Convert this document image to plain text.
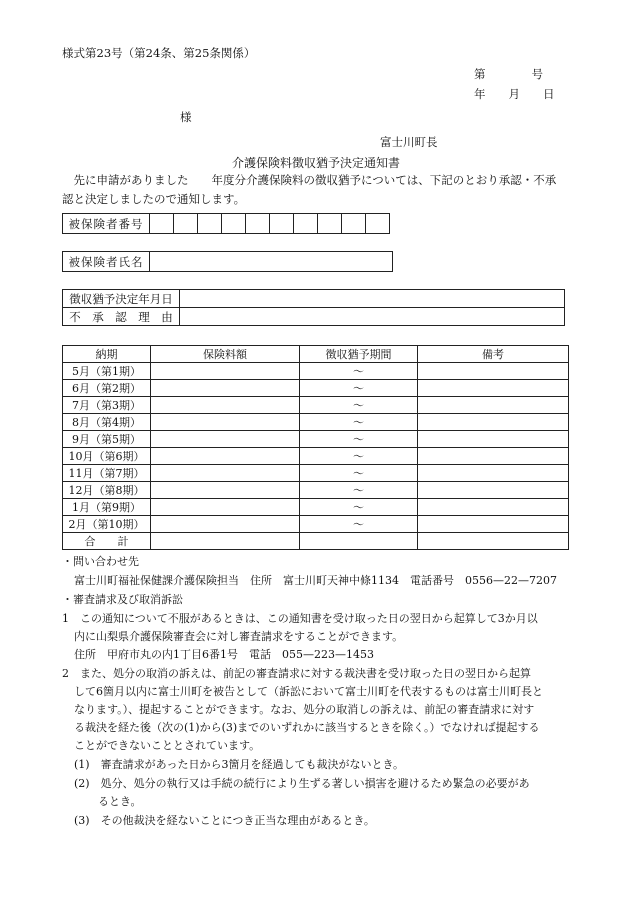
様式第23号（第24条、第25条関係）
第　　　　号
年　　月　　日
様
富士川町長
介護保険料徴収猶予決定通知書
　先に申請がありました　　年度分介護保険料の徴収猶予については、下記のとおり承認・不承
認と決定しましたので通知します。
被保険者番号										
被保険者氏名	
徴収猶予決定年月日	
不　承　認　理　由	
納期	保険料額	徴収猶予期間	備考
5月（第1期）		～	
6月（第2期）		～	
7月（第3期）		～	
8月（第4期）		～	
9月（第5期）		～	
10月（第6期）		～	
11月（第7期）		～	
12月（第8期）		～	
1月（第9期）		～	
2月（第10期）		～	
合　　計			
・問い合わせ先
富士川町福祉保健課介護保険担当　住所　富士川町天神中條1134　電話番号　0556—22—7207
・審査請求及び取消訴訟
1　この通知について不服があるときは、この通知書を受け取った日の翌日から起算して3か月以
内に山梨県介護保険審査会に対し審査請求をすることができます。
住所　甲府市丸の内1丁目6番1号　電話　055—223—1453
2　また、処分の取消の訴えは、前記の審査請求に対する裁決書を受け取った日の翌日から起算
して6箇月以内に富士川町を被告として（訴訟において富士川町を代表するものは富士川町長と
なります。）、提起することができます。なお、処分の取消しの訴えは、前記の審査請求に対す
る裁決を経た後（次の(1)から(3)までのいずれかに該当するときを除く。）でなければ提起する
ことができないこととされています。
(1)　審査請求があった日から3箇月を経過しても裁決がないとき。
(2)　処分、処分の執行又は手続の続行により生ずる著しい損害を避けるため緊急の必要があ
るとき。
(3)　その他裁決を経ないことにつき正当な理由があるとき。
